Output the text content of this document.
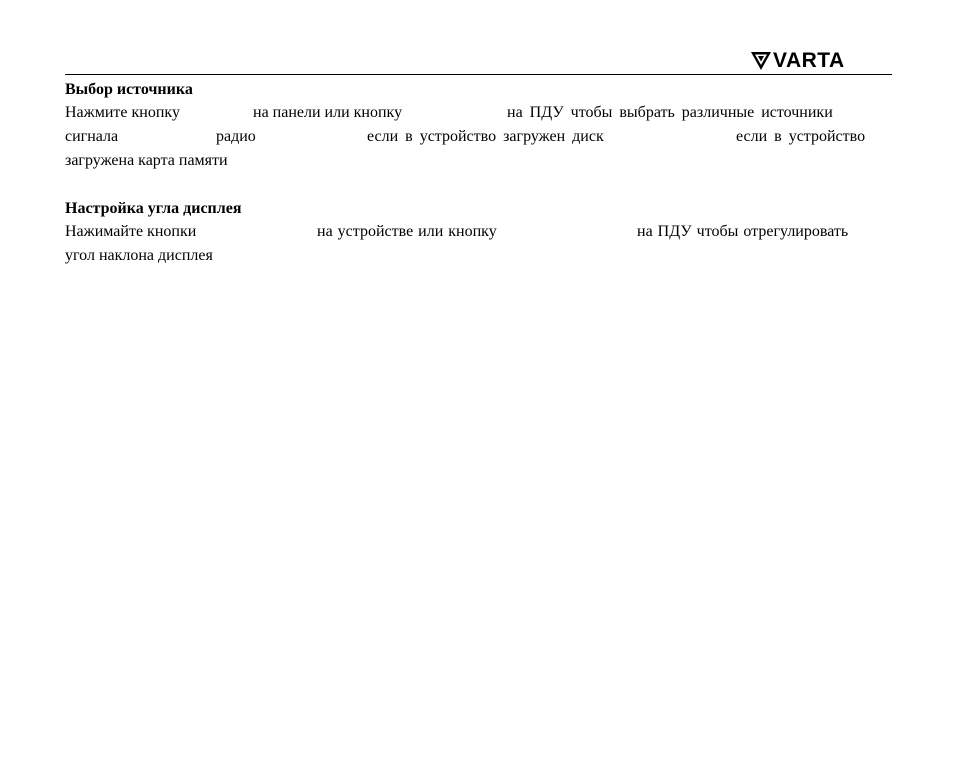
VARTA
Выбор источника
Нажмите кнопку	на панели или кнопку	на ПДУ чтобы выбрать различные источники
сигнала	радио	если в устройство загружен диск	если в устройство
загружена карта памяти
Настройка угла дисплея
Нажимайте кнопки	на устройстве или кнопку	на ПДУ чтобы отрегулировать
угол наклона дисплея
